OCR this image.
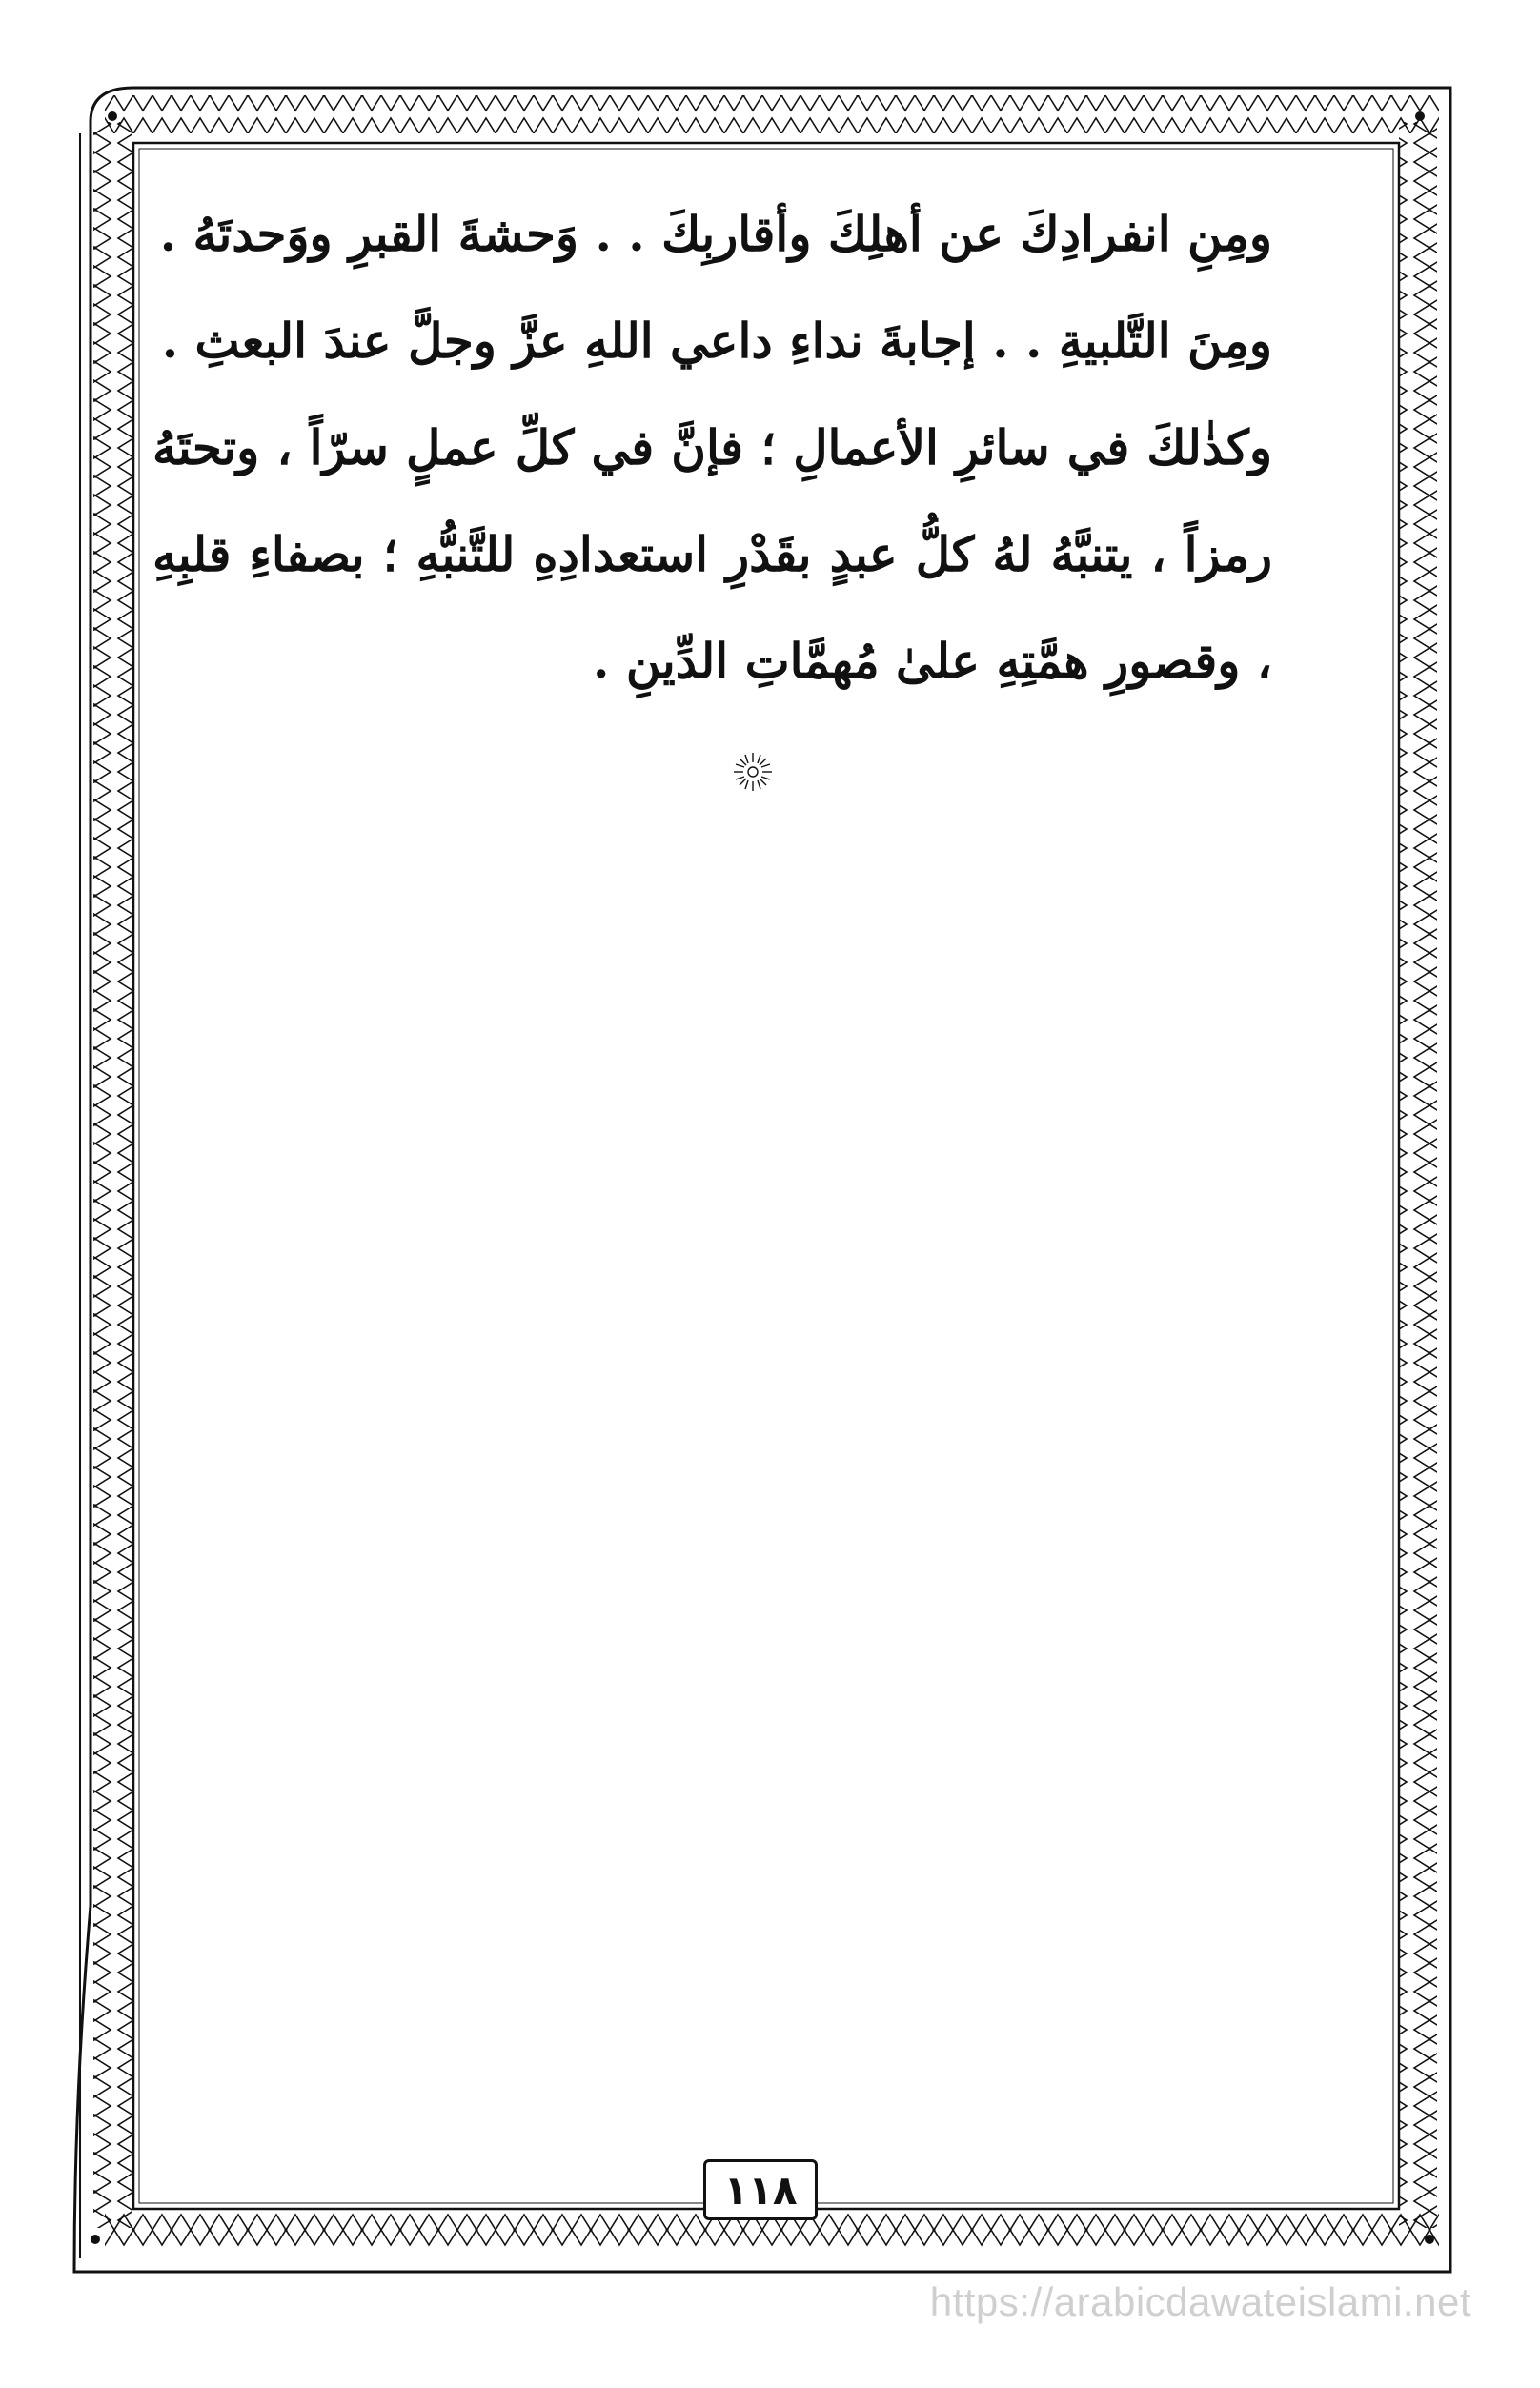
ومِنِ انفرادِكَ عن أهلِكَ وأقاربِكَ . . وَحشةَ القبرِ ووَحدتَهُ .

ومِنَ التَّلبيةِ . . إجابةَ نداءِ داعي اللهِ عزَّ وجلَّ عندَ البعثِ .

وكذٰلكَ في سائرِ الأعمالِ ؛ فإنَّ في كلِّ عملٍ سرّاً ، وتحتَهُ رمزاً ، يتنبَّهُ لهُ كلُّ عبدٍ بقَدْرِ استعدادِهِ للتَّنبُّهِ ؛ بصفاءِ قلبِهِ ، وقصورِ همَّتِهِ علىٰ مُهمَّاتِ الدِّينِ .

١١٨
https://arabicdawateislami.net
